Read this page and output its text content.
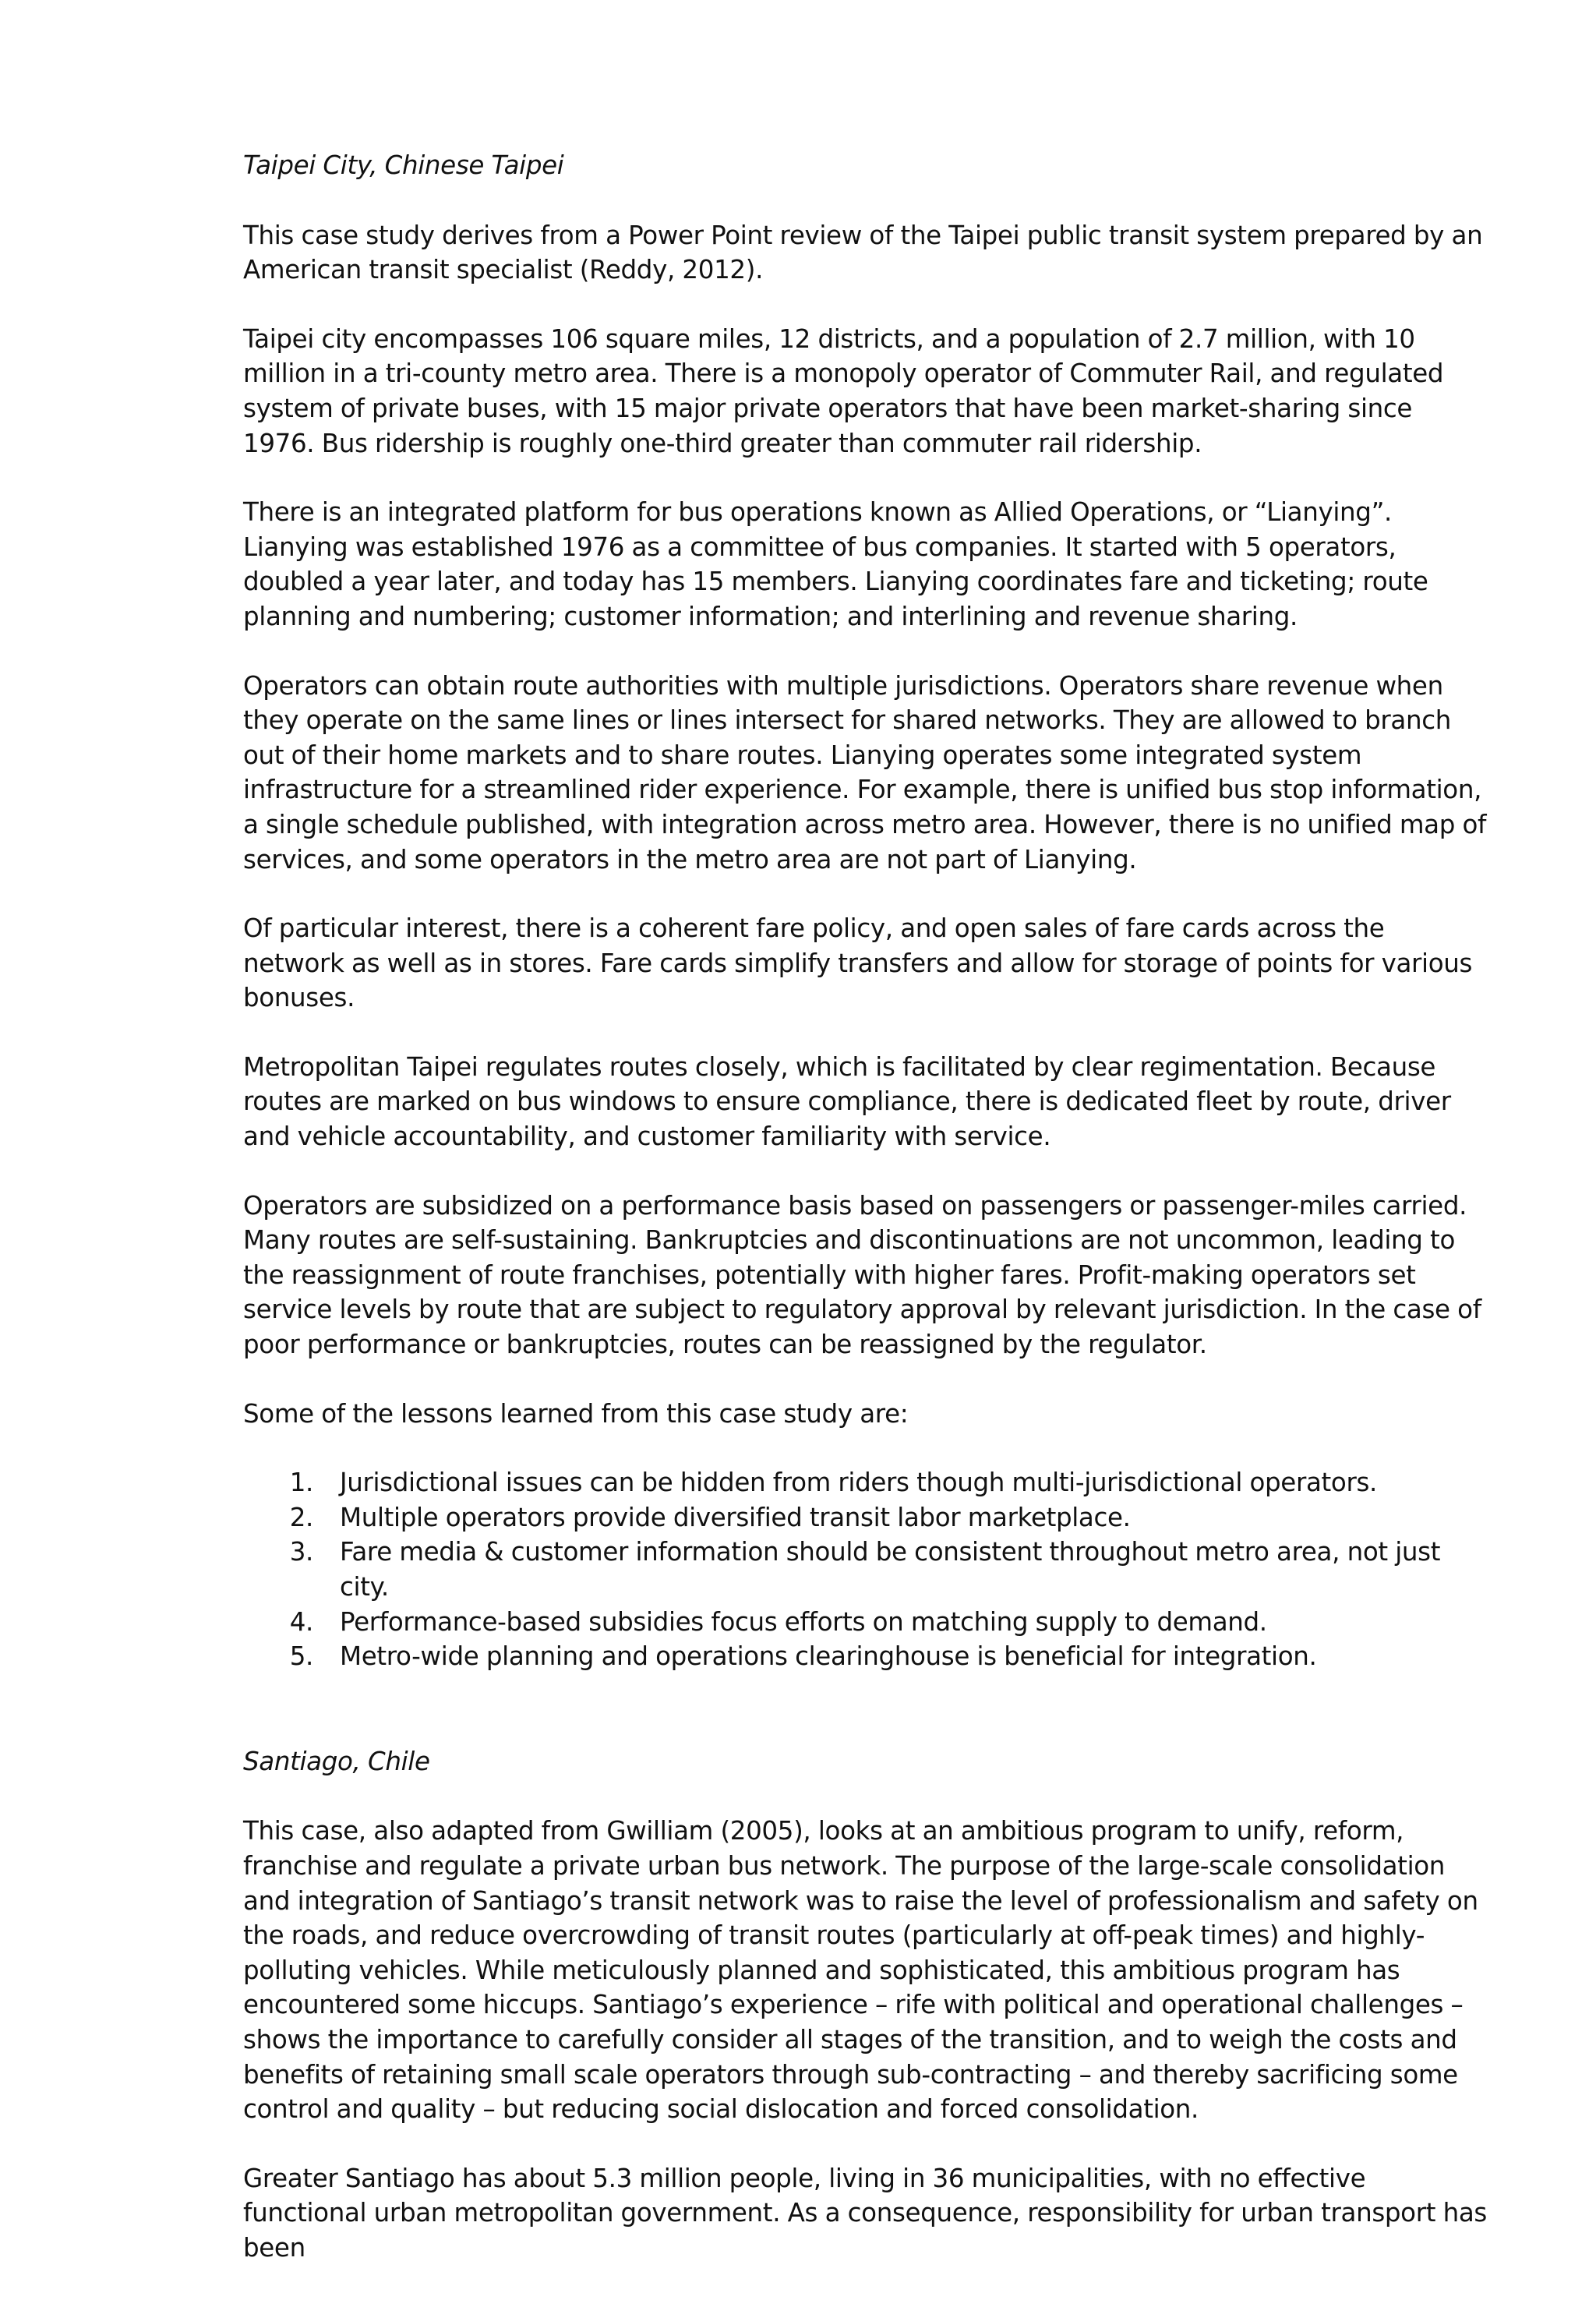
Taipei City, Chinese Taipei

This case study derives from a Power Point review of the Taipei public transit system prepared by an American transit specialist (Reddy, 2012).

Taipei city encompasses 106 square miles, 12 districts, and a population of 2.7 million, with 10 million in a tri-county metro area. There is a monopoly operator of Commuter Rail, and regulated system of private buses, with 15 major private operators that have been market-sharing since 1976. Bus ridership is roughly one-third greater than commuter rail ridership.

There is an integrated platform for bus operations known as Allied Operations, or “Lianying”. Lianying was established 1976 as a committee of bus companies. It started with 5 operators, doubled a year later, and today has 15 members. Lianying coordinates fare and ticketing; route planning and numbering; customer information; and interlining and revenue sharing.

Operators can obtain route authorities with multiple jurisdictions. Operators share revenue when they operate on the same lines or lines intersect for shared networks. They are allowed to branch out of their home markets and to share routes. Lianying operates some integrated system infrastructure for a streamlined rider experience. For example, there is unified bus stop information, a single schedule published, with integration across metro area. However, there is no unified map of services, and some operators in the metro area are not part of Lianying.

Of particular interest, there is a coherent fare policy, and open sales of fare cards across the network as well as in stores. Fare cards simplify transfers and allow for storage of points for various bonuses.

Metropolitan Taipei regulates routes closely, which is facilitated by clear regimentation. Because routes are marked on bus windows to ensure compliance, there is dedicated fleet by route, driver and vehicle accountability, and customer familiarity with service.

Operators are subsidized on a performance basis based on passengers or passenger-miles carried. Many routes are self-sustaining. Bankruptcies and discontinuations are not uncommon, leading to the reassignment of route franchises, potentially with higher fares. Profit-making operators set service levels by route that are subject to regulatory approval by relevant jurisdiction. In the case of poor performance or bankruptcies, routes can be reassigned by the regulator.

Some of the lessons learned from this case study are:

1. Jurisdictional issues can be hidden from riders though multi-jurisdictional operators.
2. Multiple operators provide diversified transit labor marketplace.
3. Fare media & customer information should be consistent throughout metro area, not just city.
4. Performance-based subsidies focus efforts on matching supply to demand.
5. Metro-wide planning and operations clearinghouse is beneficial for integration.
Santiago, Chile

This case, also adapted from Gwilliam (2005), looks at an ambitious program to unify, reform, franchise and regulate a private urban bus network. The purpose of the large-scale consolidation and integration of Santiago’s transit network was to raise the level of professionalism and safety on the roads, and reduce overcrowding of transit routes (particularly at off-peak times) and highly-polluting vehicles. While meticulously planned and sophisticated, this ambitious program has encountered some hiccups. Santiago’s experience – rife with political and operational challenges – shows the importance to carefully consider all stages of the transition, and to weigh the costs and benefits of retaining small scale operators through sub-contracting – and thereby sacrificing some control and quality – but reducing social dislocation and forced consolidation.

Greater Santiago has about 5.3 million people, living in 36 municipalities, with no effective functional urban metropolitan government. As a consequence, responsibility for urban transport has been
